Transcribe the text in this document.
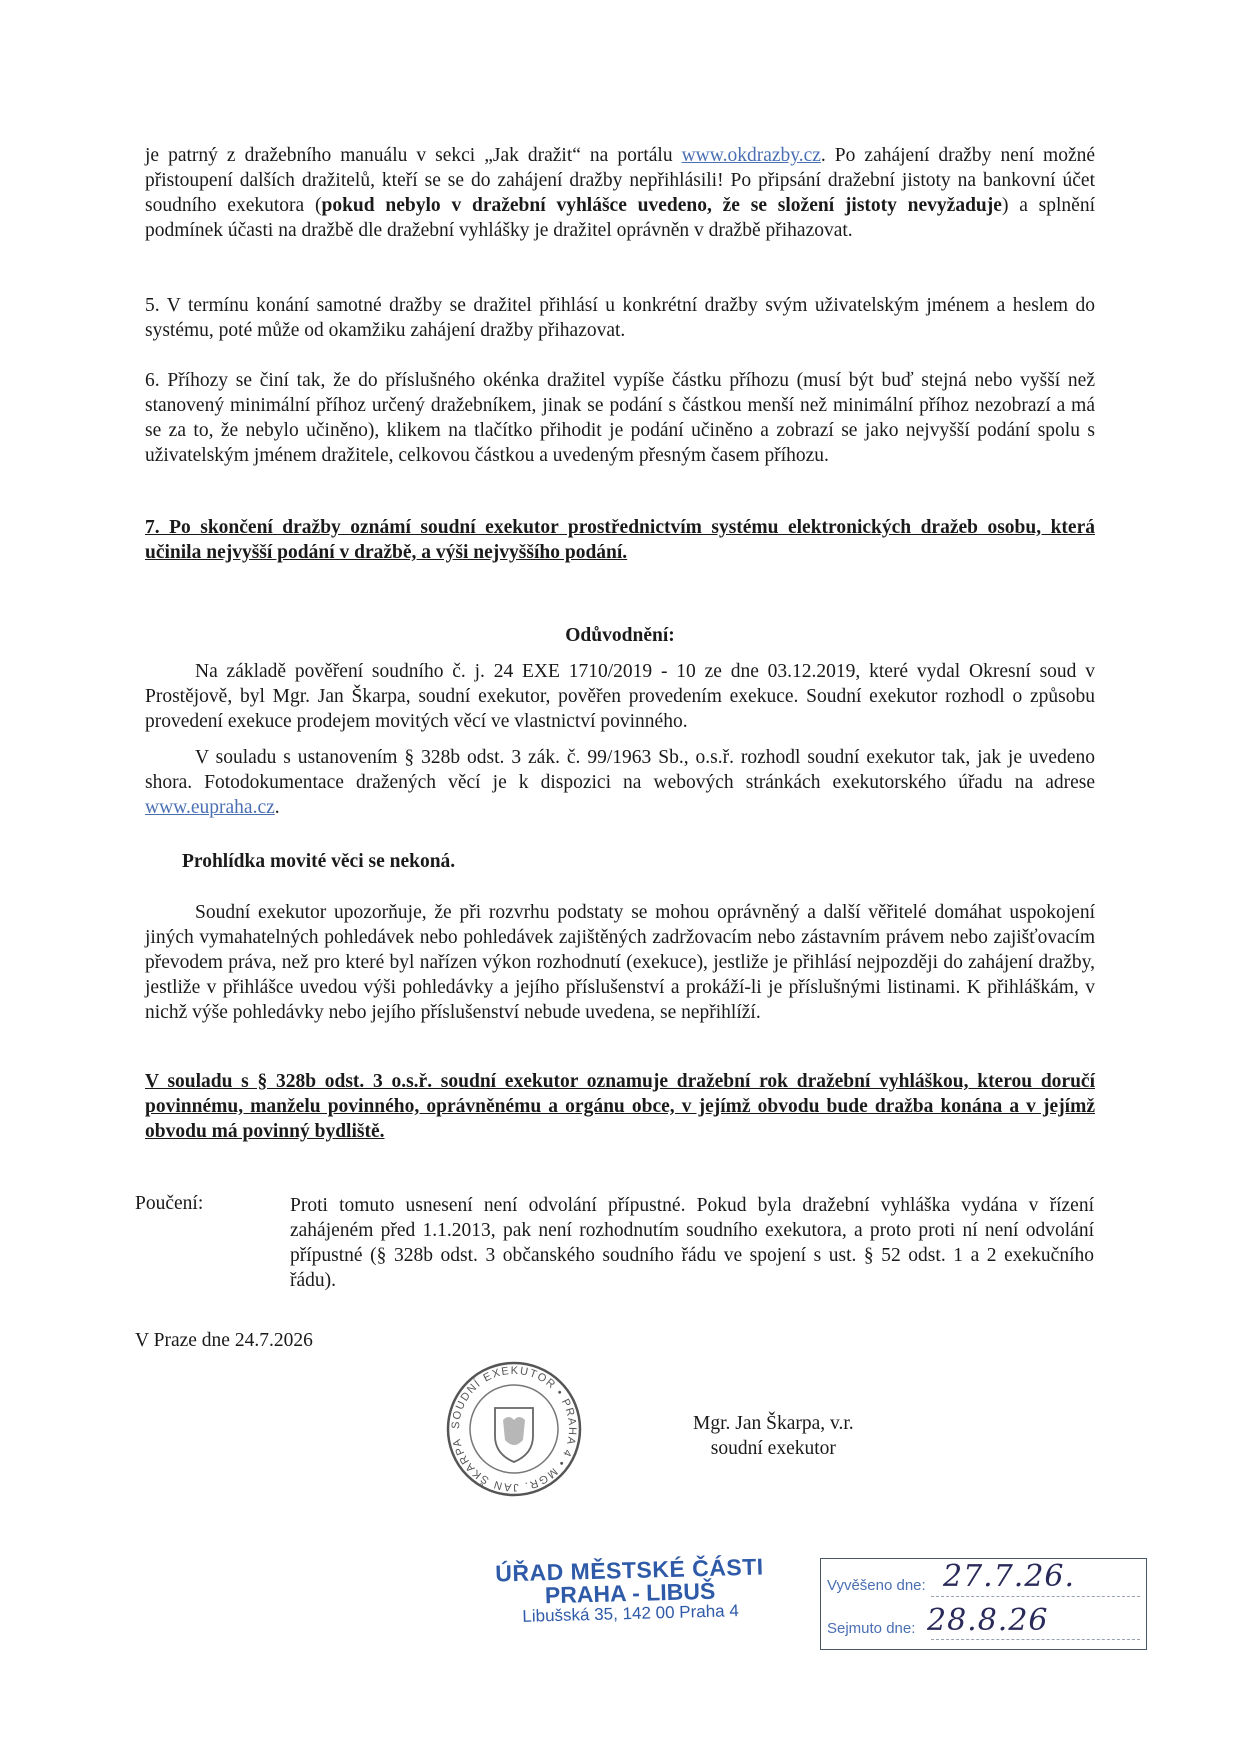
je patrný z dražebního manuálu v sekci „Jak dražit“ na portálu www.okdrazby.cz. Po zahájení dražby není možné přistoupení dalších dražitelů, kteří se se do zahájení dražby nepřihlásili! Po připsání dražební jistoty na bankovní účet soudního exekutora (pokud nebylo v dražební vyhlášce uvedeno, že se složení jistoty nevyžaduje) a splnění podmínek účasti na dražbě dle dražební vyhlášky je dražitel oprávněn v dražbě přihazovat.

5. V termínu konání samotné dražby se dražitel přihlásí u konkrétní dražby svým uživatelským jménem a heslem do systému, poté může od okamžiku zahájení dražby přihazovat.

6. Příhozy se činí tak, že do příslušného okénka dražitel vypíše částku příhozu (musí být buď stejná nebo vyšší než stanovený minimální příhoz určený dražebníkem, jinak se podání s částkou menší než minimální příhoz nezobrazí a má se za to, že nebylo učiněno), klikem na tlačítko přihodit je podání učiněno a zobrazí se jako nejvyšší podání spolu s uživatelským jménem dražitele, celkovou částkou a uvedeným přesným časem příhozu.

7. Po skončení dražby oznámí soudní exekutor prostřednictvím systému elektronických dražeb osobu, která učinila nejvyšší podání v dražbě, a výši nejvyššího podání.

Odůvodnění:

Na základě pověření soudního č. j. 24 EXE 1710/2019 - 10 ze dne 03.12.2019, které vydal Okresní soud v Prostějově, byl Mgr. Jan Škarpa, soudní exekutor, pověřen provedením exekuce. Soudní exekutor rozhodl o způsobu provedení exekuce prodejem movitých věcí ve vlastnictví povinného.

V souladu s ustanovením § 328b odst. 3 zák. č. 99/1963 Sb., o.s.ř. rozhodl soudní exekutor tak, jak je uvedeno shora. Fotodokumentace dražených věcí je k dispozici na webových stránkách exekutorského úřadu na adrese www.eupraha.cz.

Prohlídka movité věci se nekoná.

Soudní exekutor upozorňuje, že při rozvrhu podstaty se mohou oprávněný a další věřitelé domáhat uspokojení jiných vymahatelných pohledávek nebo pohledávek zajištěných zadržovacím nebo zástavním právem nebo zajišťovacím převodem práva, než pro které byl nařízen výkon rozhodnutí (exekuce), jestliže je přihlásí nejpozději do zahájení dražby, jestliže v přihlášce uvedou výši pohledávky a jejího příslušenství a prokáží-li je příslušnými listinami. K přihláškám, v nichž výše pohledávky nebo jejího příslušenství nebude uvedena, se nepřihlíží.

V souladu s § 328b odst. 3 o.s.ř. soudní exekutor oznamuje dražební rok dražební vyhláškou, kterou doručí povinnému, manželu povinného, oprávněnému a orgánu obce, v jejímž obvodu bude dražba konána a v jejímž obvodu má povinný bydliště.

Poučení:	Proti tomuto usnesení není odvolání přípustné. Pokud byla dražební vyhláška vydána v řízení zahájeném před 1.1.2013, pak není rozhodnutím soudního exekutora, a proto proti ní není odvolání přípustné (§ 328b odst. 3 občanského soudního řádu ve spojení s ust. § 52 odst. 1 a 2 exekučního řádu).
V Praze dne 24.7.2026
SOUDNÍ EXEKUTOR • PRAHA 4 • MGR. JAN ŠKARPA
Mgr. Jan Škarpa, v.r.
soudní exekutor
ÚŘAD MĚSTSKÉ ČÁSTI
PRAHA - LIBUŠ
Libušská 35, 142 00 Praha 4
Vyvěšeno dne: 27.7.26.
Sejmuto dne: 28.8.26
